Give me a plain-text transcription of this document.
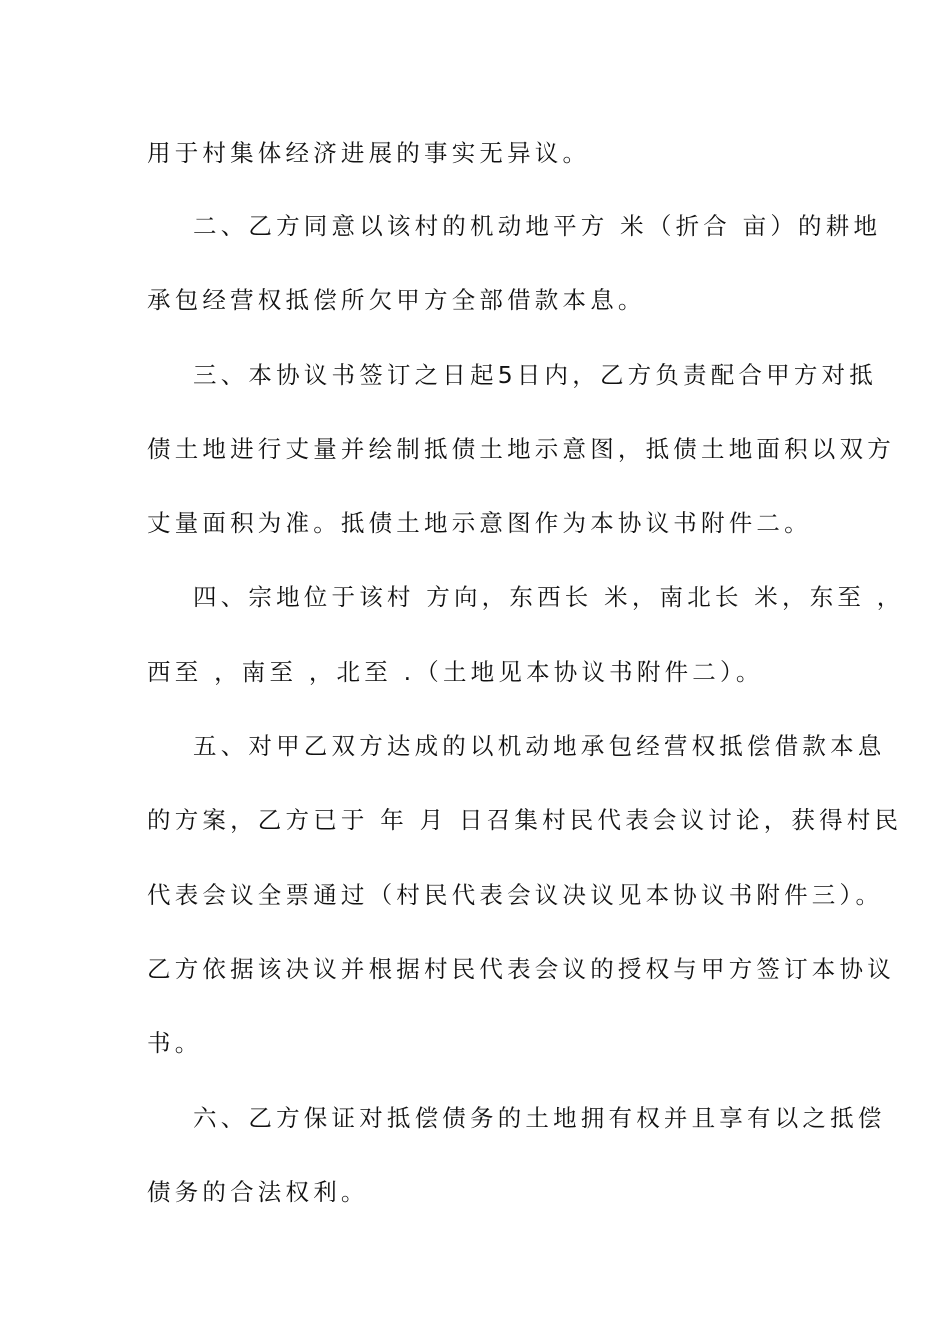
用于村集体经济进展的事实无异议。
二、乙方同意以该村的机动地平方 米（折合 亩）的耕地
承包经营权抵偿所欠甲方全部借款本息。
三、本协议书签订之日起5日内，乙方负责配合甲方对抵
债土地进行丈量并绘制抵债土地示意图，抵债土地面积以双方
丈量面积为准。抵债土地示意图作为本协议书附件二。
四、宗地位于该村 方向，东西长 米，南北长 米，东至 ，
西至 ，南至 ，北至 .（土地见本协议书附件二）。
五、对甲乙双方达成的以机动地承包经营权抵偿借款本息
的方案，乙方已于 年 月 日召集村民代表会议讨论，获得村民
代表会议全票通过（村民代表会议决议见本协议书附件三）。
乙方依据该决议并根据村民代表会议的授权与甲方签订本协议
书。
六、乙方保证对抵偿债务的土地拥有权并且享有以之抵偿
债务的合法权利。
